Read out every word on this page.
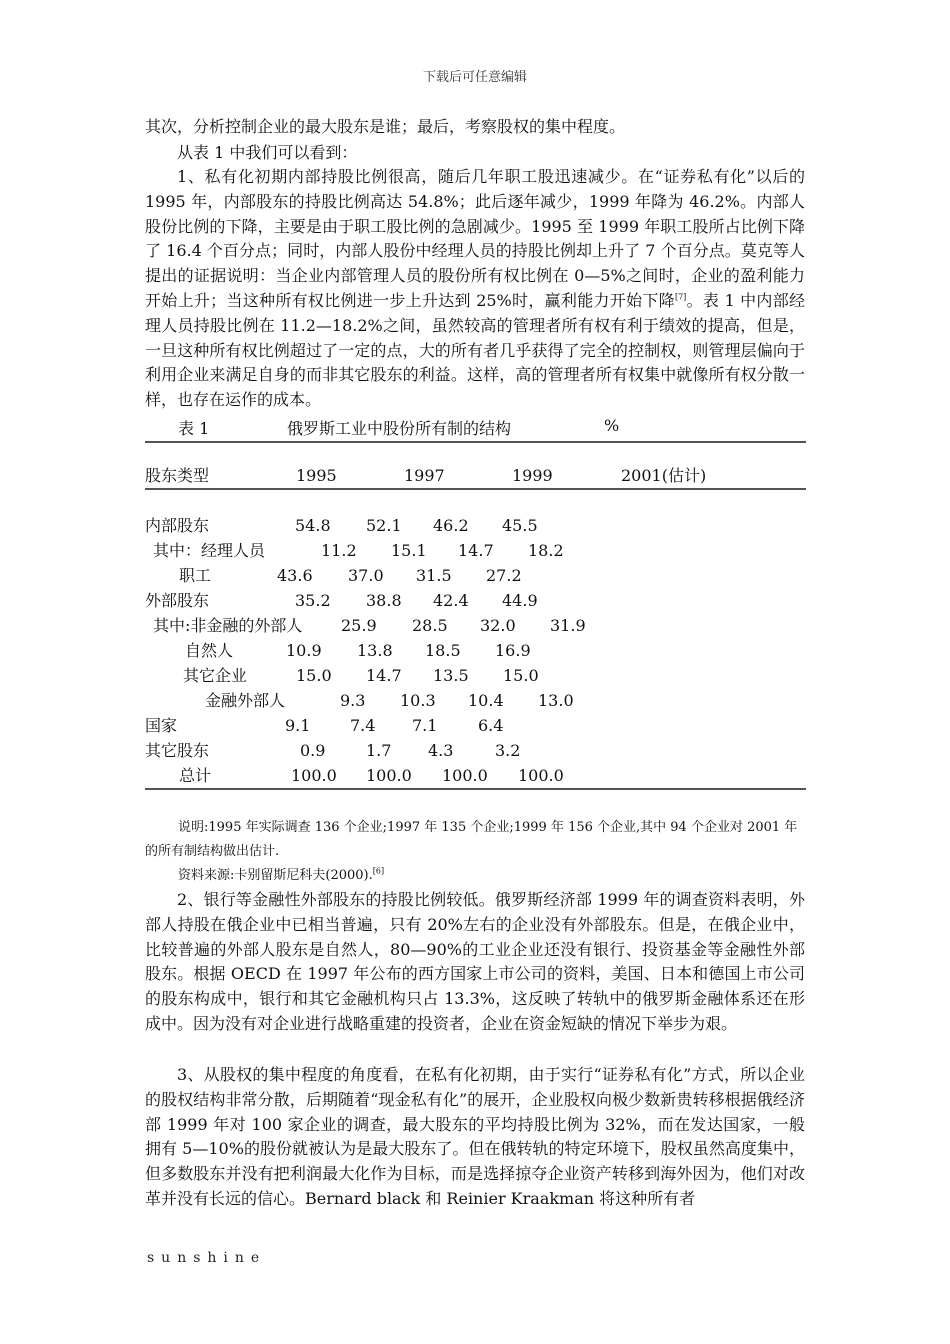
下载后可任意编辑

其次，分析控制企业的最大股东是谁；最后，考察股权的集中程度。

从表 1 中我们可以看到：

1、私有化初期内部持股比例很高，随后几年职工股迅速减少。在“证券私有化”以后的 1995 年，内部股东的持股比例高达 54.8%；此后逐年减少，1999 年降为 46.2%。内部人股份比例的下降，主要是由于职工股比例的急剧减少。1995 至 1999 年职工股所占比例下降了 16.4 个百分点；同时，内部人股份中经理人员的持股比例却上升了 7 个百分点。莫克等人提出的证据说明：当企业内部管理人员的股份所有权比例在 0—5%之间时，企业的盈利能力开始上升；当这种所有权比例进一步上升达到 25%时，赢利能力开始下降[7]。表 1 中内部经理人员持股比例在 11.2—18.2%之间，虽然较高的管理者所有权有利于绩效的提高，但是，一旦这种所有权比例超过了一定的点，大的所有者几乎获得了完全的控制权，则管理层偏向于利用企业来满足自身的而非其它股东的利益。这样，高的管理者所有权集中就像所有权分散一样，也存在运作的成本。

表 1	俄罗斯工业中股份所有制的结构	%
股东类型	1995	1997	1999	2001(估计)
内部股东	54.8 52.1 46.2 45.5
其中：经理人员	11.2 15.1 14.7 18.2
职工	43.6 37.0 31.5 27.2
外部股东	35.2 38.8 42.4 44.9
其中:非金融的外部人 25.9 28.5 32.0 31.9
自然人	10.9 13.8 18.5 16.9
其它企业	15.0 14.7 13.5 15.0
金融外部人	9.3 10.3 10.4 13.0
国家	9.1 7.4 7.1	6.4
其它股东	0.9	1.7 4.3	3.2
总计	100.0 100.0 100.0 100.0

说明:1995 年实际调查 136 个企业;1997 年 135 个企业;1999 年 156 个企业,其中 94 个企业对 2001 年的所有制结构做出估计.

资料来源:卡别留斯尼科夫(2000).[6]

2、银行等金融性外部股东的持股比例较低。俄罗斯经济部 1999 年的调查资料表明，外部人持股在俄企业中已相当普遍，只有 20%左右的企业没有外部股东。但是，在俄企业中，比较普遍的外部人股东是自然人，80—90%的工业企业还没有银行、投资基金等金融性外部股东。根据 OECD 在 1997 年公布的西方国家上市公司的资料，美国、日本和德国上市公司的股东构成中，银行和其它金融机构只占 13.3%，这反映了转轨中的俄罗斯金融体系还在形成中。因为没有对企业进行战略重建的投资者，企业在资金短缺的情况下举步为艰。

3、从股权的集中程度的角度看，在私有化初期，由于实行“证券私有化”方式，所以企业的股权结构非常分散，后期随着“现金私有化”的展开，企业股权向极少数新贵转移根据俄经济部 1999 年对 100 家企业的调查，最大股东的平均持股比例为 32%，而在发达国家，一般拥有 5—10%的股份就被认为是最大股东了。但在俄转轨的特定环境下，股权虽然高度集中，但多数股东并没有把利润最大化作为目标，而是选择掠夺企业资产转移到海外因为，他们对改革并没有长远的信心。Bernard black 和 Reinier Kraakman 将这种所有者

sunshine
